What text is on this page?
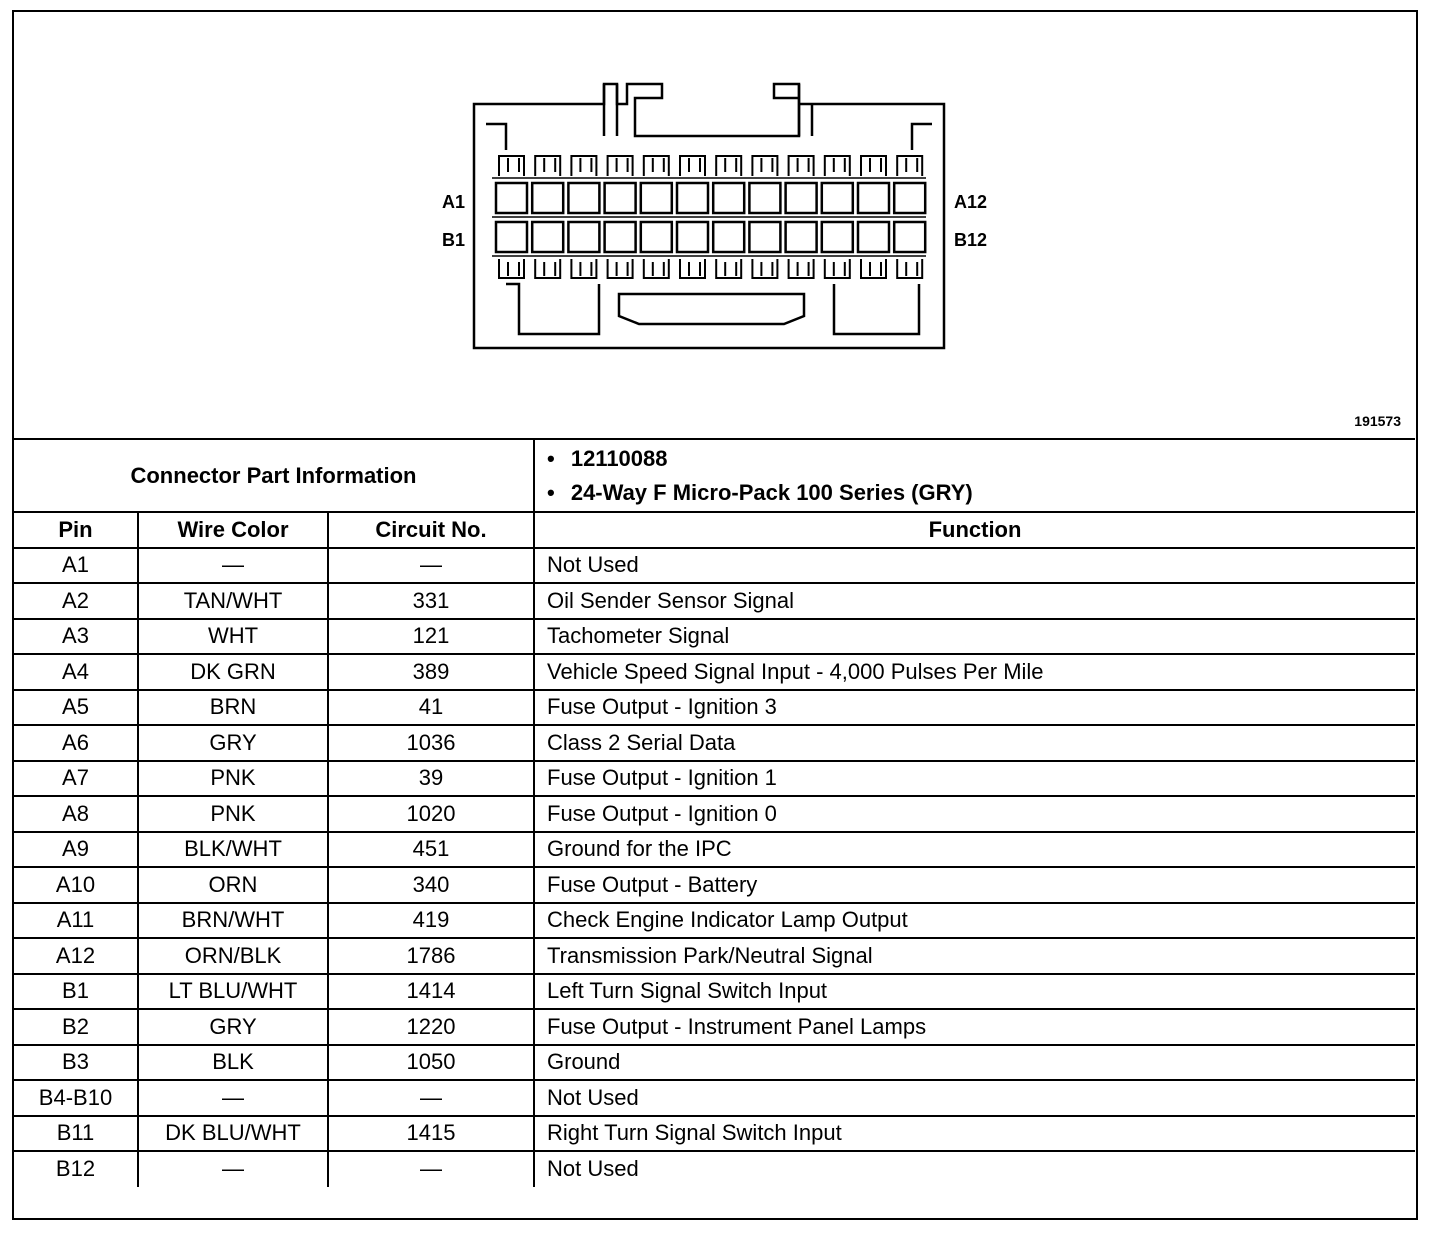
A1	A12
B1	B12
191573
Connector Part Information			• 12110088
• 24-Way F Micro-Pack 100 Series (GRY)

Pin	Wire Color	Circuit No.	Function
A1	—	—	Not Used
A2	TAN/WHT	331	Oil Sender Sensor Signal
A3	WHT	121	Tachometer Signal
A4	DK GRN	389	Vehicle Speed Signal Input - 4,000 Pulses Per Mile
A5	BRN	41	Fuse Output - Ignition 3
A6	GRY	1036	Class 2 Serial Data
A7	PNK	39	Fuse Output - Ignition 1
A8	PNK	1020	Fuse Output - Ignition 0
A9	BLK/WHT	451	Ground for the IPC
A10	ORN	340	Fuse Output - Battery
A11	BRN/WHT	419	Check Engine Indicator Lamp Output
A12	ORN/BLK	1786	Transmission Park/Neutral Signal
B1	LT BLU/WHT	1414	Left Turn Signal Switch Input
B2	GRY	1220	Fuse Output - Instrument Panel Lamps
B3	BLK	1050	Ground
B4-B10	—	—	Not Used
B11	DK BLU/WHT	1415	Right Turn Signal Switch Input
B12	—	—	Not Used
